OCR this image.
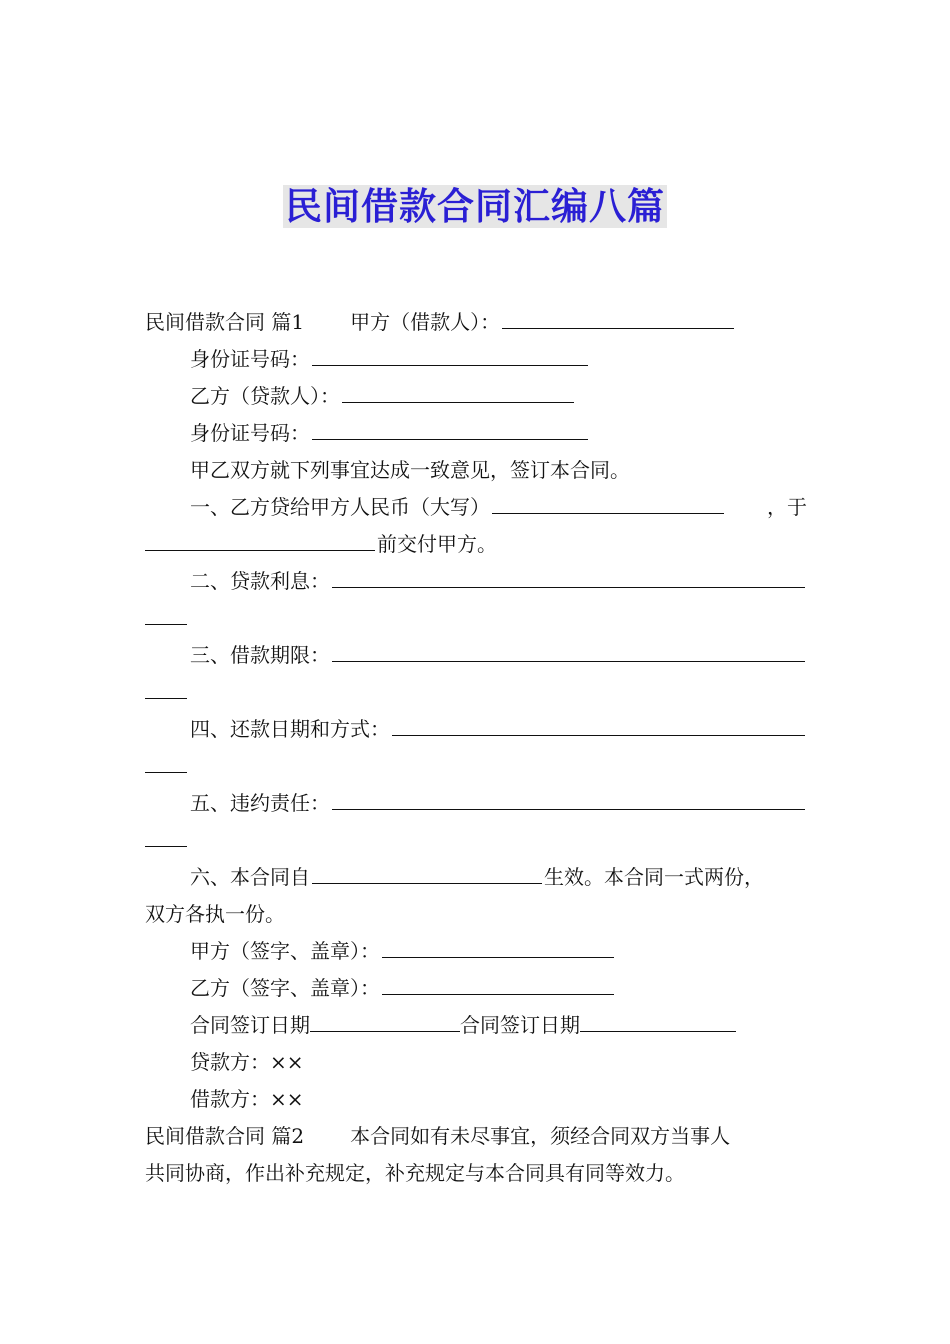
民间借款合同汇编八篇
民间借款合同 篇1 甲方（借款人）：
身份证号码：
乙方（贷款人）：
身份证号码：
甲乙双方就下列事宜达成一致意见，签订本合同。
一、乙方贷给甲方人民币（大写）	，于
前交付甲方。
二、贷款利息：
三、借款期限：
四、还款日期和方式：
五、违约责任：
六、本合同自	生效。本合同一式两份，
双方各执一份。
甲方（签字、盖章）：
乙方（签字、盖章）：
合同签订日期	合同签订日期
贷款方：××
借款方：××
民间借款合同 篇2 本合同如有未尽事宜，须经合同双方当事人
共同协商，作出补充规定，补充规定与本合同具有同等效力。
